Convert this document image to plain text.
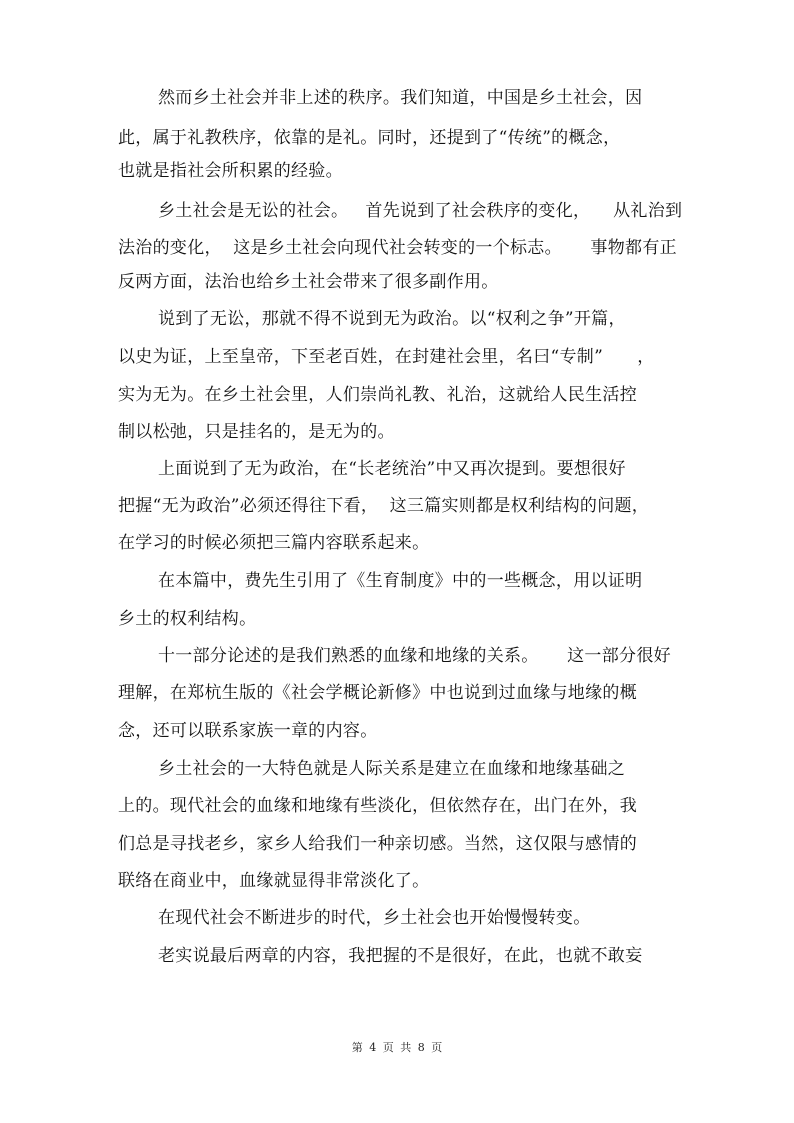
然而乡土社会并非上述的秩序。我们知道，中国是乡土社会，因
此，属于礼教秩序，依靠的是礼。同时，还提到了“传统”的概念，
也就是指社会所积累的经验。
乡土社会是无讼的社会。   首先说到了社会秩序的变化，    从礼治到
法治的变化，  这是乡土社会向现代社会转变的一个标志。     事物都有正
反两方面，法治也给乡土社会带来了很多副作用。
说到了无讼，那就不得不说到无为政治。以“权利之争”开篇，
以史为证，上至皇帝，下至老百姓，在封建社会里，名曰“专制”      ，
实为无为。在乡土社会里，人们崇尚礼教、礼治，这就给人民生活控
制以松弛，只是挂名的，是无为的。
上面说到了无为政治，在“长老统治”中又再次提到。要想很好
把握“无为政治”必须还得往下看，  这三篇实则都是权利结构的问题，
在学习的时候必须把三篇内容联系起来。
在本篇中，费先生引用了《生育制度》中的一些概念，用以证明
乡土的权利结构。
十一部分论述的是我们熟悉的血缘和地缘的关系。     这一部分很好
理解，在郑杭生版的《社会学概论新修》中也说到过血缘与地缘的概
念，还可以联系家族一章的内容。
乡土社会的一大特色就是人际关系是建立在血缘和地缘基础之
上的。现代社会的血缘和地缘有些淡化，但依然存在，出门在外，我
们总是寻找老乡，家乡人给我们一种亲切感。当然，这仅限与感情的
联络在商业中，血缘就显得非常淡化了。
在现代社会不断进步的时代，乡土社会也开始慢慢转变。
老实说最后两章的内容，我把握的不是很好，在此，也就不敢妄
第 4 页 共 8 页
